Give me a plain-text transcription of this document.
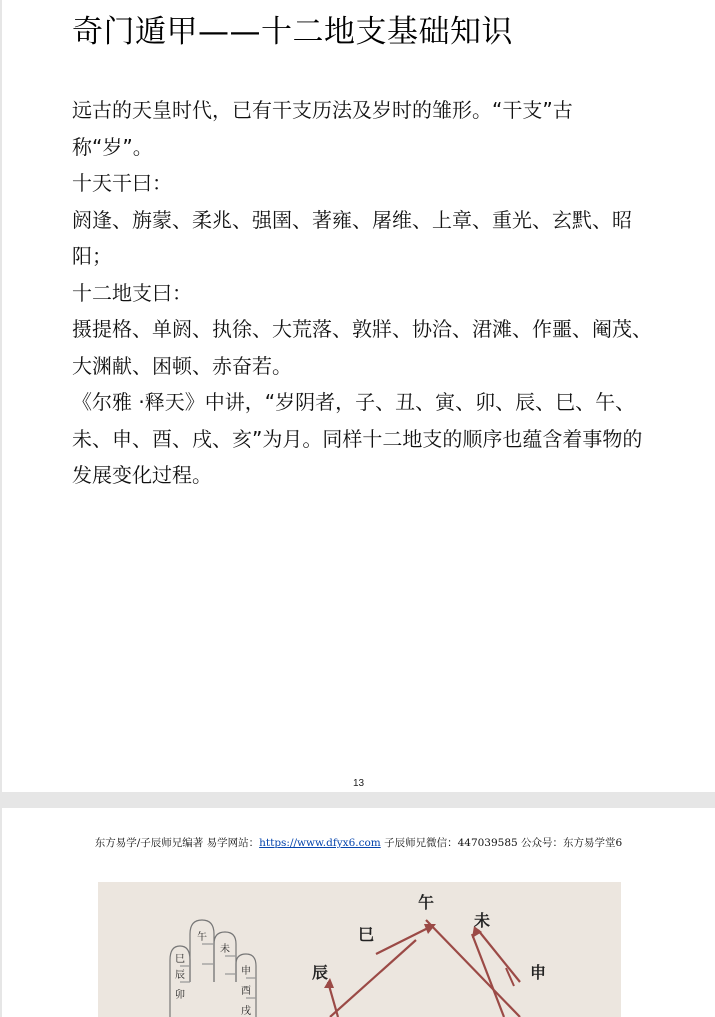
奇门遁甲——十二地支基础知识

远古的天皇时代，已有干支历法及岁时的雏形。“干支”古称“岁”。

十天干曰：

阏逢、旃蒙、柔兆、强圉、著雍、屠维、上章、重光、玄黓、昭阳；

十二地支曰：

摄提格、单阏、执徐、大荒落、敦牂、协洽、涒滩、作噩、阉茂、大渊献、困顿、赤奋若。

《尔雅 ·释天》中讲，“岁阴者，子、丑、寅、卯、辰、巳、午、未、申、酉、戌、亥”为月。同样十二地支的顺序也蕴含着事物的发展变化过程。

13
东方易学/子辰师兄编著 易学网站：https://www.dfyx6.com 子辰师兄微信：447039585 公众号：东方易学堂6
午
巳
未
辰	申
卯	酉
戌
午
巳
未
辰	申
